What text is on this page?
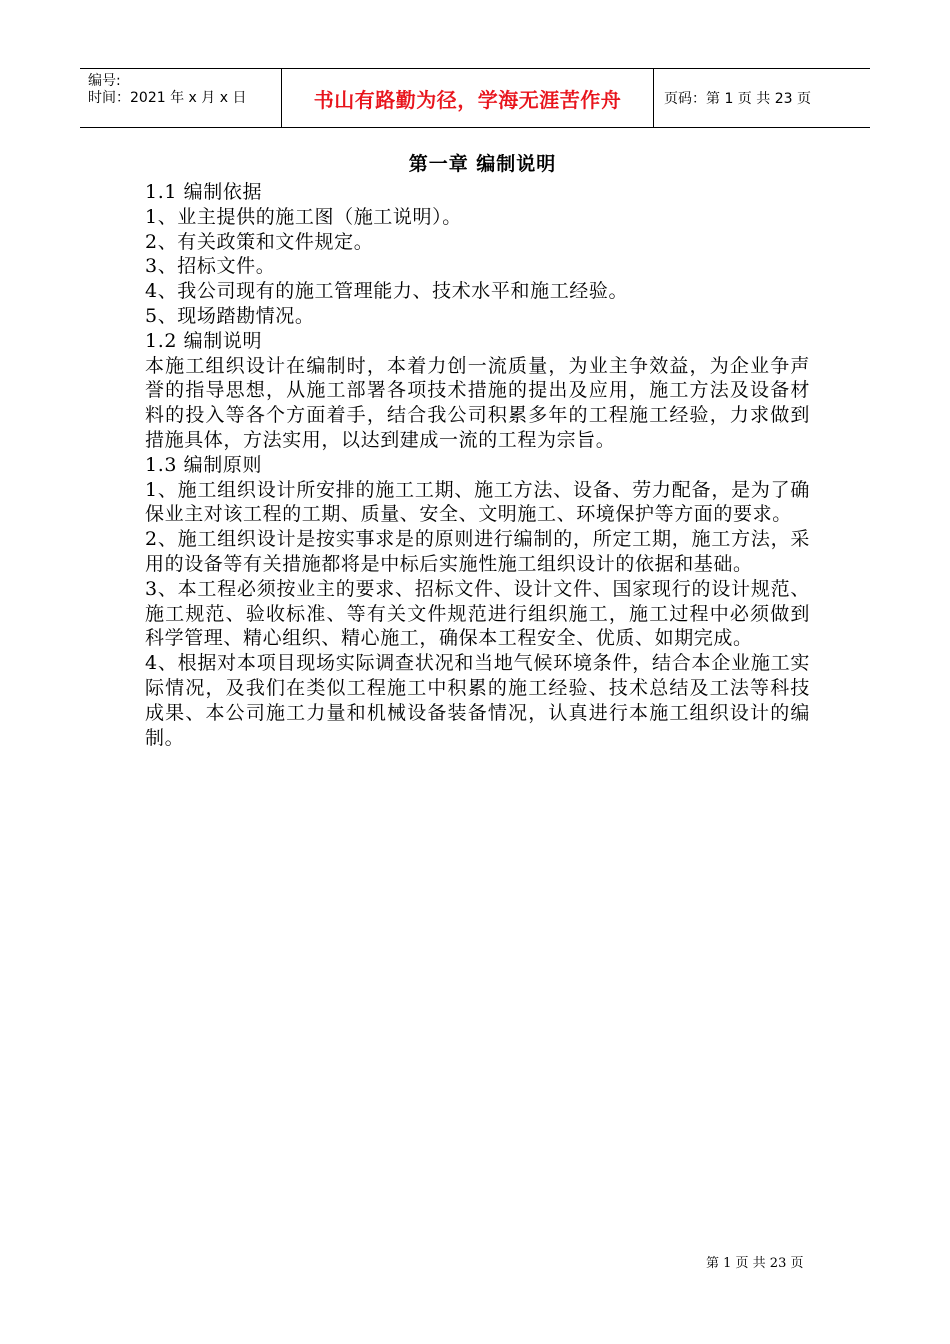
编号:
时间：2021 年 x 月 x 日	书山有路勤为径，学海无涯苦作舟	页码：第 1 页 共 23 页
第一章 编制说明

1.1 编制依据

1、业主提供的施工图（施工说明）。

2、有关政策和文件规定。

3、招标文件。

4、我公司现有的施工管理能力、技术水平和施工经验。

5、现场踏勘情况。

1.2 编制说明

本施工组织设计在编制时，本着力创一流质量，为业主争效益，为企业争声誉的指导思想，从施工部署各项技术措施的提出及应用，施工方法及设备材料的投入等各个方面着手，结合我公司积累多年的工程施工经验，力求做到措施具体，方法实用，以达到建成一流的工程为宗旨。

1.3 编制原则

1、施工组织设计所安排的施工工期、施工方法、设备、劳力配备，是为了确保业主对该工程的工期、质量、安全、文明施工、环境保护等方面的要求。

2、施工组织设计是按实事求是的原则进行编制的，所定工期，施工方法，采用的设备等有关措施都将是中标后实施性施工组织设计的依据和基础。

3、本工程必须按业主的要求、招标文件、设计文件、国家现行的设计规范、施工规范、验收标准、等有关文件规范进行组织施工，施工过程中必须做到科学管理、精心组织、精心施工，确保本工程安全、优质、如期完成。

4、根据对本项目现场实际调查状况和当地气候环境条件，结合本企业施工实际情况，及我们在类似工程施工中积累的施工经验、技术总结及工法等科技成果、本公司施工力量和机械设备装备情况，认真进行本施工组织设计的编制。

第 1 页 共 23 页
